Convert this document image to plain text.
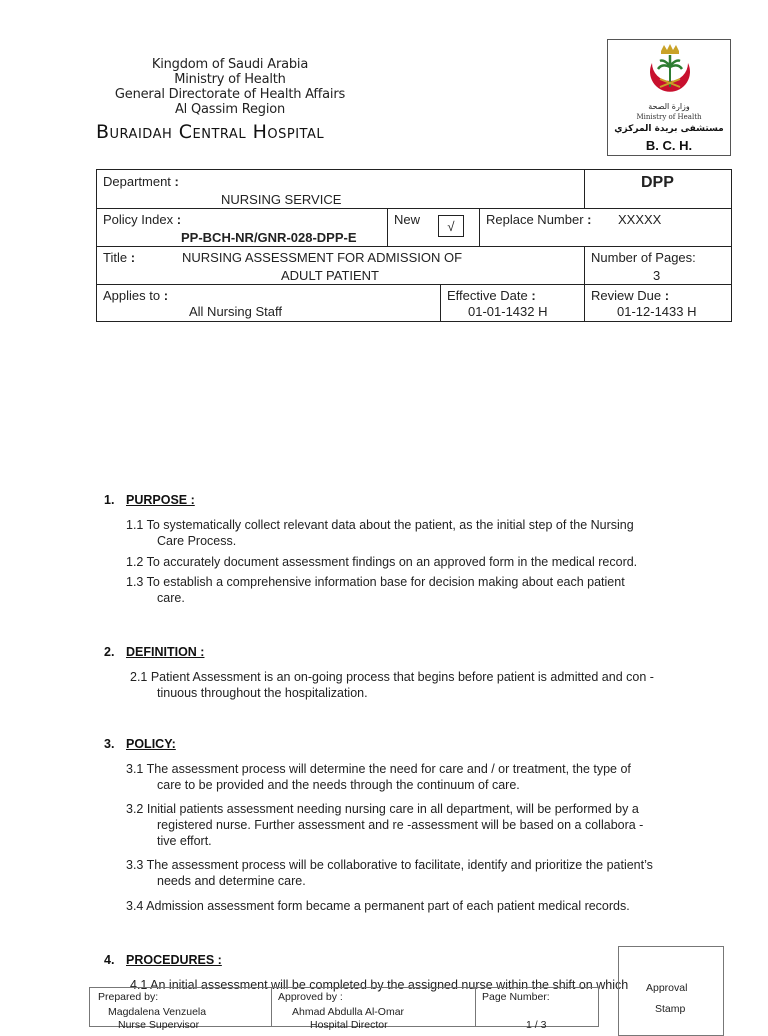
Kingdom of Saudi Arabia
Ministry of Health
General Directorate of Health Affairs
Al Qassim Region
Buraidah Central Hospital
وزارة الصحة
Ministry of Health
مستشفى بريدة المركزي
B. C. H.
Department :
NURSING SERVICE
DPP
Policy Index :
PP-BCH-NR/GNR-028-DPP-E
New	√	Replace Number : XXXXX
Title :	NURSING ASSESSMENT FOR ADMISSION OF
ADULT PATIENT
Number of Pages:
3
Applies to :
All Nursing Staff
Effective Date :
01-01-1432 H
Review Due :
01-12-1433 H
1. PURPOSE :
1.1 To systematically collect relevant data about the patient, as the initial step of the Nursing
Care Process.
1.2 To accurately document assessment findings on an approved form in the medical record.
1.3 To establish a comprehensive information base for decision making about each patient
care.
2. DEFINITION :
2.1 Patient Assessment is an on-going process that begins before patient is admitted and con -
tinuous throughout the hospitalization.
3. POLICY:
3.1 The assessment process will determine the need for care and / or treatment, the type of
care to be provided and the needs through the continuum of care.
3.2 Initial patients assessment needing nursing care in all department, will be performed by a
registered nurse. Further assessment and re -assessment will be based on a collabora -
tive effort.
3.3 The assessment process will be collaborative to facilitate, identify and prioritize the patient’s
needs and determine care.
3.4 Admission assessment form became a permanent part of each patient medical records.
4. PROCEDURES :
4.1 An initial assessment will be completed by the assigned nurse within the shift on which	Approval
Stamp
Prepared by:
Magdalena Venzuela
Nurse Supervisor
Approved by :
Ahmad Abdulla Al-Omar
Hospital Director
Page Number:
1 / 3
